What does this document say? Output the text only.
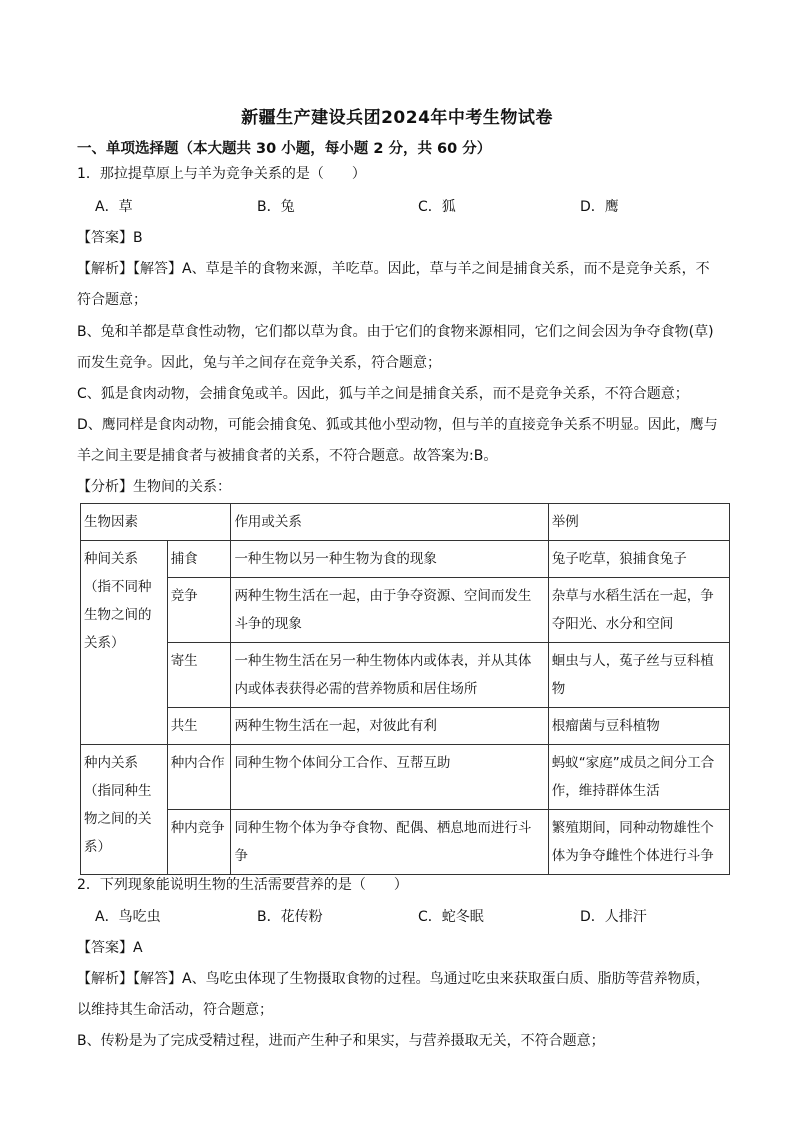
新疆生产建设兵团2024年中考生物试卷
一、单项选择题（本大题共 30 小题，每小题 2 分，共 60 分）
1．那拉提草原上与羊为竞争关系的是（　　）
A．草	B．兔	C．狐	D．鹰
【答案】B
【解析】【解答】A、草是羊的食物来源，羊吃草。因此，草与羊之间是捕食关系，而不是竞争关系，不
符合题意；
B、兔和羊都是草食性动物，它们都以草为食。由于它们的食物来源相同，它们之间会因为争夺食物(草)
而发生竞争。因此，兔与羊之间存在竞争关系，符合题意；
C、狐是食肉动物，会捕食兔或羊。因此，狐与羊之间是捕食关系，而不是竞争关系，不符合题意；
D、鹰同样是食肉动物，可能会捕食兔、狐或其他小型动物，但与羊的直接竞争关系不明显。因此，鹰与
羊之间主要是捕食者与被捕食者的关系，不符合题意。故答案为:B。
【分析】生物间的关系：
生物因素		作用或关系	举例
种间关系（指不同种生物之间的关系）	捕食	一种生物以另一种生物为食的现象	兔子吃草，狼捕食兔子
	竞争	两种生物生活在一起，由于争夺资源、空间而发生斗争的现象	杂草与水稻生活在一起，争夺阳光、水分和空间
	寄生	一种生物生活在另一种生物体内或体表，并从其体内或体表获得必需的营养物质和居住场所	蛔虫与人，菟子丝与豆科植物
	共生	两种生物生活在一起，对彼此有利	根瘤菌与豆科植物
种内关系（指同种生物之间的关系）	种内合作	同种生物个体间分工合作、互帮互助	蚂蚁“家庭”成员之间分工合作，维持群体生活
	种内竞争	同种生物个体为争夺食物、配偶、栖息地而进行斗争	繁殖期间，同种动物雄性个体为争夺雌性个体进行斗争
2．下列现象能说明生物的生活需要营养的是（　　）
A．鸟吃虫	B．花传粉	C．蛇冬眠	D．人排汗
【答案】A
【解析】【解答】A、鸟吃虫体现了生物摄取食物的过程。鸟通过吃虫来获取蛋白质、脂肪等营养物质，
以维持其生命活动，符合题意；
B、传粉是为了完成受精过程，进而产生种子和果实，与营养摄取无关，不符合题意；
